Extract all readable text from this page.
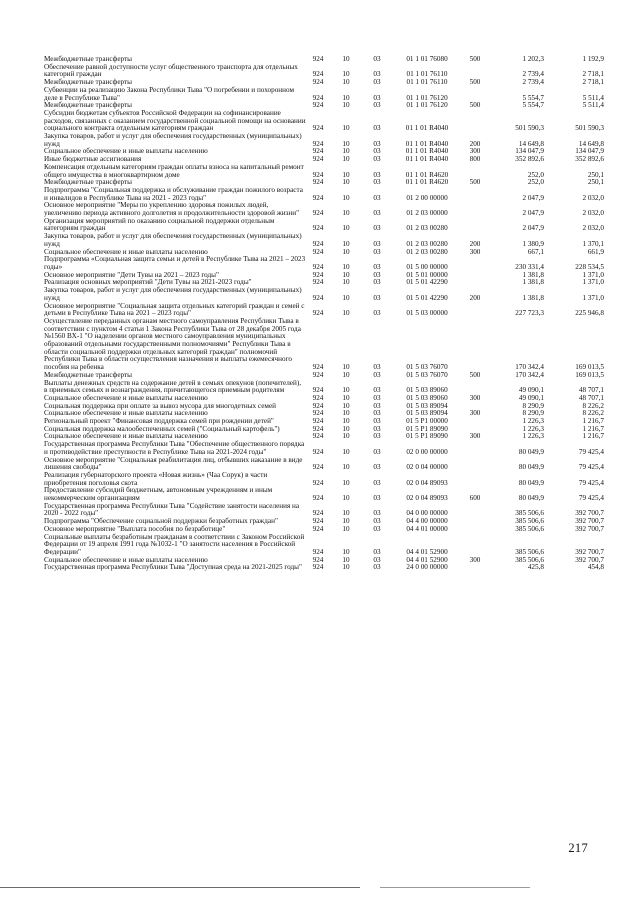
Межбюджетные трансферты	924	10	03	01 1 01 76080	500	1 202,3	1 192,9
Обеспечение равной доступности услуг общественного транспорта для отдельных категорий граждан	924	10	03	01 1 01 76110		2 739,4	2 718,1
Межбюджетные трансферты	924	10	03	01 1 01 76110	500	2 739,4	2 718,1
Субвенции на реализацию Закона Республики Тыва "О погребении и похоронном деле в Республике Тыва"	924	10	03	01 1 01 76120		5 554,7	5 511,4
Межбюджетные трансферты	924	10	03	01 1 01 76120	500	5 554,7	5 511,4
Субсидии бюджетам субъектов Российской Федерации на софинансирование расходов, связанных с оказанием государственной социальной помощи на основании социального контракта отдельным категориям граждан	924	10	03	01 1 01 R4040		501 590,3	501 590,3
Закупка товаров, работ и услуг для обеспечения государственных (муниципальных) нужд	924	10	03	01 1 01 R4040	200	14 649,8	14 649,8
Социальное обеспечение и иные выплаты населению	924	10	03	01 1 01 R4040	300	134 047,9	134 047,9
Иные бюджетные ассигнования	924	10	03	01 1 01 R4040	800	352 892,6	352 892,6
Компенсация отдельным категориям граждан оплаты взноса на капитальный ремонт общего имущества в многоквартирном доме	924	10	03	01 1 01 R4620		252,0	250,1
Межбюджетные трансферты	924	10	03	01 1 01 R4620	500	252,0	250,1
Подпрограмма "Социальная поддержка и обслуживание граждан пожилого возраста и инвалидов в Республике Тыва на 2021 - 2023 годы"	924	10	03	01 2 00 00000		2 047,9	2 032,0
Основное мероприятие "Меры по укреплению здоровья пожилых людей, увеличению периода активного долголетия и продолжительности здоровой жизни"	924	10	03	01 2 03 00000		2 047,9	2 032,0
Организация мероприятий по оказанию социальной поддержки отдельным категориям граждан	924	10	03	01 2 03 00280		2 047,9	2 032,0
Закупка товаров, работ и услуг для обеспечения государственных (муниципальных) нужд	924	10	03	01 2 03 00280	200	1 380,9	1 370,1
Социальное обеспечение и иные выплаты населению	924	10	03	01 2 03 00280	300	667,1	661,9
Подпрограмма «Социальная защита семьи и детей в Республике Тыва на 2021 – 2023 годы»	924	10	03	01 5 00 00000		230 331,4	228 534,5
Основное мероприятие "Дети Тувы на 2021 – 2023 годы"	924	10	03	01 5 01 00000		1 381,8	1 371,0
Реализация основных мероприятий "Дети Тувы на 2021-2023 годы"	924	10	03	01 5 01 42290		1 381,8	1 371,0
Закупка товаров, работ и услуг для обеспечения государственных (муниципальных) нужд	924	10	03	01 5 01 42290	200	1 381,8	1 371,0
Основное мероприятие "Социальная защита отдельных категорий граждан и семей с детьми в Республике Тыва на 2021 – 2023 годы"	924	10	03	01 5 03 00000		227 723,3	225 946,8
Осуществление переданных органам местного самоуправления Республики Тыва в соответствии с пунктом 4 статьи 1 Закона Республики Тыва от 28 декабря 2005 года №1560 ВХ-1 "О наделении органов местного самоуправления муниципальных образований отдельными государственными полномочиями" Республики Тыва в области социальной поддержки отдельных категорий граждан" полномочий Республики Тыва в области осуществления назначения и выплаты ежемесячного пособия на ребенка	924	10	03	01 5 03 76070		170 342,4	169 013,5
Межбюджетные трансферты	924	10	03	01 5 03 76070	500	170 342,4	169 013,5
Выплаты денежных средств на содержание детей в семьях опекунов (попечителей), в приемных семьях и вознаграждения, причитающегося приемным родителям	924	10	03	01 5 03 89060		49 090,1	48 707,1
Социальное обеспечение и иные выплаты населению	924	10	03	01 5 03 89060	300	49 090,1	48 707,1
Социальная поддержка при оплате за вывоз мусора для многодетных семей	924	10	03	01 5 03 89094		8 290,9	8 226,2
Социальное обеспечение и иные выплаты населению	924	10	03	01 5 03 89094	300	8 290,9	8 226,2
Региональный проект "Финансовая поддержка семей при рождении детей"	924	10	03	01 5 P1 00000		1 226,3	1 216,7
Социальная поддержка малообеспеченных семей ("Социальный картофель")	924	10	03	01 5 P1 89090		1 226,3	1 216,7
Социальное обеспечение и иные выплаты населению	924	10	03	01 5 P1 89090	300	1 226,3	1 216,7
Государственная программа Республики Тыва "Обеспечение общественного порядка и противодействие преступности в Республике Тыва на 2021-2024 годы"	924	10	03	02 0 00 00000		80 049,9	79 425,4
Основное мероприятие "Социальная реабилитация лиц, отбывших наказание в виде лишения свободы"	924	10	03	02 0 04 00000		80 049,9	79 425,4
Реализация губернаторского проекта «Новая жизнь» (Чаа Сорук) в части приобретения поголовья скота	924	10	03	02 0 04 89093		80 049,9	79 425,4
Предоставление субсидий бюджетным, автономным учреждениям и иным некоммерческим организациям	924	10	03	02 0 04 89093	600	80 049,9	79 425,4
Государственная программа Республики Тыва "Содействие занятости населения на 2020 - 2022 годы"	924	10	03	04 0 00 00000		385 506,6	392 700,7
Подпрограмма "Обеспечение социальной поддержки безработных граждан"	924	10	03	04 4 00 00000		385 506,6	392 700,7
Основное мероприятие "Выплата пособия по безработице"	924	10	03	04 4 01 00000		385 506,6	392 700,7
Социальные выплаты безработным гражданам в соответствии с Законом Российской Федерации от 19 апреля 1991 года №1032-1 "О занятости населения в Российской Федерации"	924	10	03	04 4 01 52900		385 506,6	392 700,7
Социальное обеспечение и иные выплаты населению	924	10	03	04 4 01 52900	300	385 506,6	392 700,7
Государственная программа Республики Тыва "Доступная среда на 2021-2025 годы"	924	10	03	24 0 00 00000		425,8	454,8
217
